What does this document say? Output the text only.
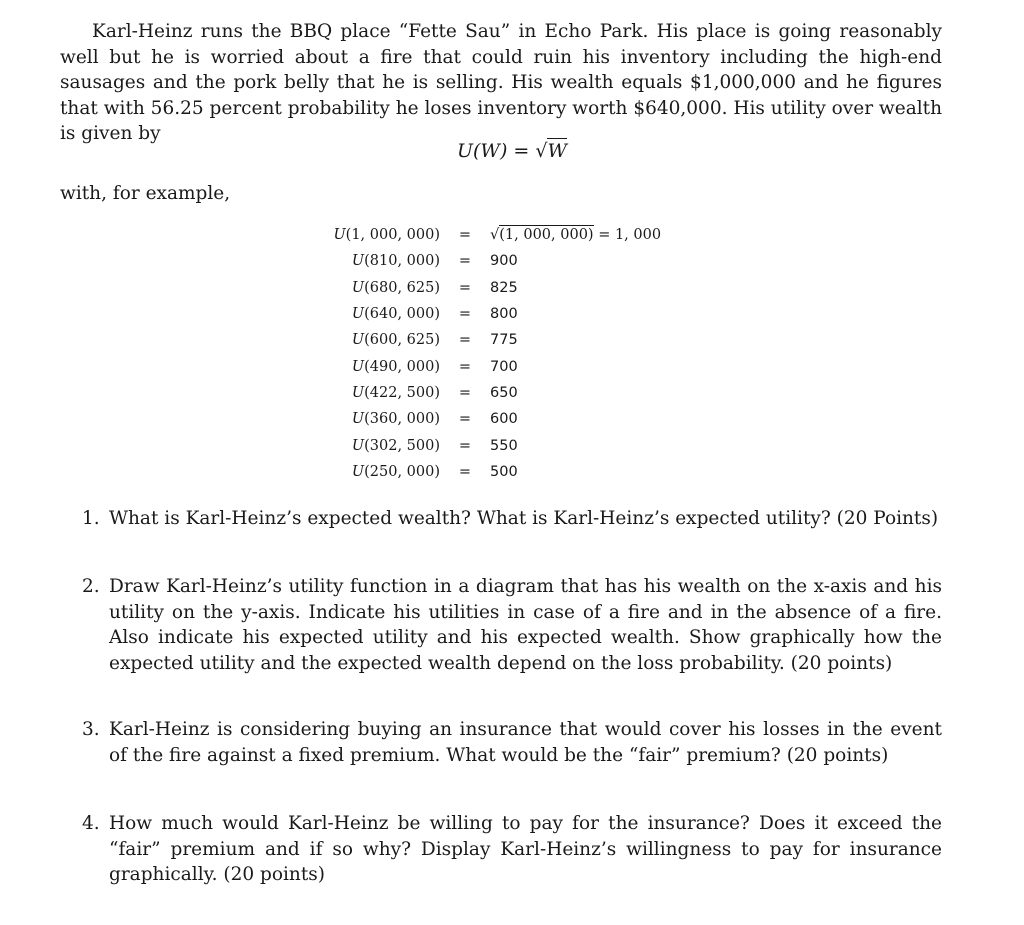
Karl-Heinz runs the BBQ place “Fette Sau” in Echo Park. His place is going reasonably well but he is worried about a fire that could ruin his inventory including the high-end sausages and the pork belly that he is selling. His wealth equals $1,000,000 and he figures that with 56.25 percent probability he loses inventory worth $640,000. His utility over wealth is given by

U(W) = √W

with, for example,

U(1, 000, 000)	=	√(1, 000, 000) = 1, 000
U(810, 000)	=	900
U(680, 625)	=	825
U(640, 000)	=	800
U(600, 625)	=	775
U(490, 000)	=	700
U(422, 500)	=	650
U(360, 000)	=	600
U(302, 500)	=	550
U(250, 000)	=	500
1. What is Karl-Heinz’s expected wealth? What is Karl-Heinz’s expected utility? (20 Points)
2. Draw Karl-Heinz’s utility function in a diagram that has his wealth on the x-axis and his utility on the y-axis. Indicate his utilities in case of a fire and in the absence of a fire. Also indicate his expected utility and his expected wealth. Show graphically how the expected utility and the expected wealth depend on the loss probability. (20 points)
3. Karl-Heinz is considering buying an insurance that would cover his losses in the event of the fire against a fixed premium. What would be the “fair” premium? (20 points)
4. How much would Karl-Heinz be willing to pay for the insurance? Does it exceed the “fair” premium and if so why? Display Karl-Heinz’s willingness to pay for insurance graphically. (20 points)
